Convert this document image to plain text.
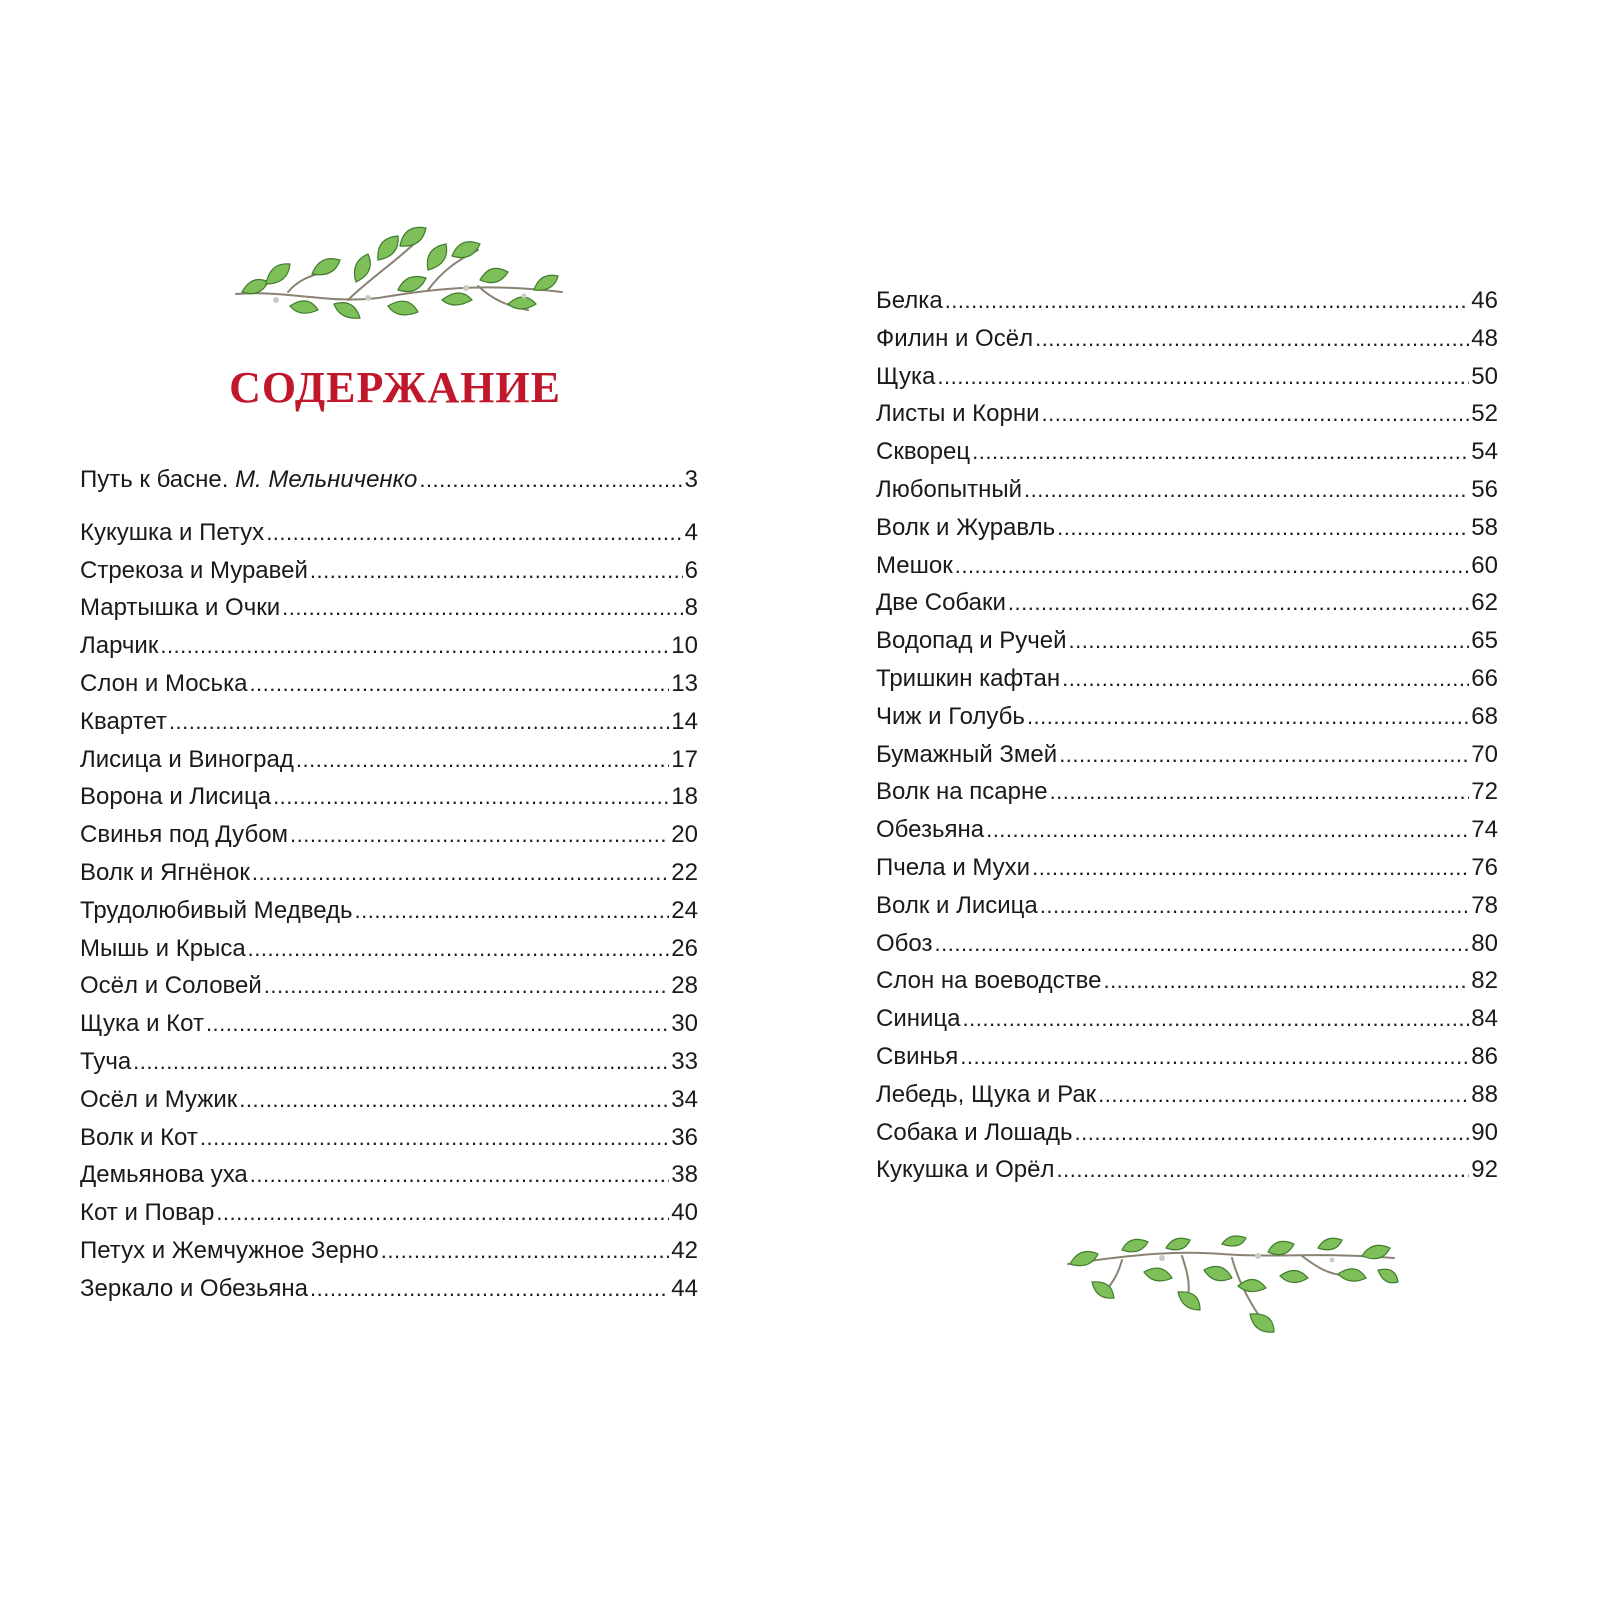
СОДЕРЖАНИЕ
Путь к басне. М. Мельниченко .....	3
Кукушка и Петух .....	4
Стрекоза и Муравей .....	6
Мартышка и Очки .....	8
Ларчик .....	10
Слон и Моська .....	13
Квартет .....	14
Лисица и Виноград .....	17
Ворона и Лисица .....	18
Свинья под Дубом .....	20
Волк и Ягнёнок .....	22
Трудолюбивый Медведь .....	24
Мышь и Крыса .....	26
Осёл и Соловей .....	28
Щука и Кот .....	30
Туча .....	33
Осёл и Мужик .....	34
Волк и Кот .....	36
Демьянова уха .....	38
Кот и Повар .....	40
Петух и Жемчужное Зерно .....	42
Зеркало и Обезьяна .....	44
Белка .....	46
Филин и Осёл .....	48
Щука .....	50
Листы и Корни .....	52
Скворец .....	54
Любопытный .....	56
Волк и Журавль .....	58
Мешок .....	60
Две Собаки .....	62
Водопад и Ручей .....	65
Тришкин кафтан .....	66
Чиж и Голубь .....	68
Бумажный Змей .....	70
Волк на псарне .....	72
Обезьяна .....	74
Пчела и Мухи .....	76
Волк и Лисица .....	78
Обоз .....	80
Слон на воеводстве .....	82
Синица .....	84
Свинья .....	86
Лебедь, Щука и Рак .....	88
Собака и Лошадь .....	90
Кукушка и Орёл .....	92
